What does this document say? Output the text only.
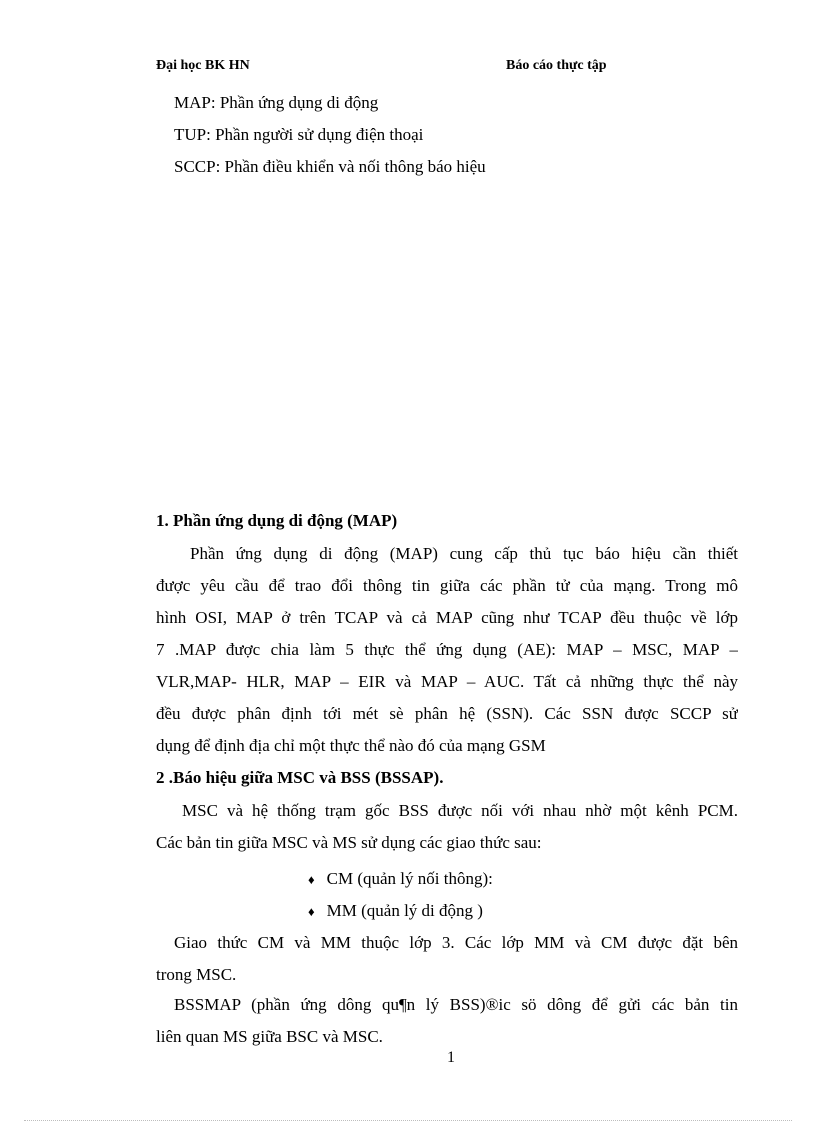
Đại học BK HN	Báo cáo thực tập
MAP: Phần ứng dụng di động
TUP: Phần người sử dụng điện thoại
SCCP: Phần điều khiển và nối thông báo hiệu
1. Phần ứng dụng di động (MAP)
Phần ứng dụng di động (MAP) cung cấp thủ tục báo hiệu cần thiết
được yêu cầu để trao đổi thông tin giữa các phần tử của mạng. Trong mô
hình OSI, MAP ở trên TCAP và cả MAP cũng như TCAP đều thuộc về lớp
7 .MAP được chia làm 5 thực thể ứng dụng (AE): MAP – MSC, MAP –
VLR,MAP- HLR, MAP – EIR và MAP – AUC. Tất cả những thực thể này
đều được phân định tới mét sè phân hệ (SSN). Các SSN được SCCP sử
dụng để định địa chỉ một thực thể nào đó của mạng GSM
2 .Báo hiệu giữa MSC và BSS (BSSAP).
MSC và hệ thống trạm gốc BSS được nối với nhau nhờ một kênh PCM.
Các bản tin giữa MSC và MS sử dụng các giao thức sau:
♦ CM (quản lý nối thông):
♦ MM (quản lý di động )
Giao thức CM và MM thuộc lớp 3. Các lớp MM và CM được đặt bên
trong MSC.
BSSMAP (phần ứng dông qu¶n lý BSS)®ic sö dông để gửi các bản tin
liên quan MS giữa BSC và MSC.
1
